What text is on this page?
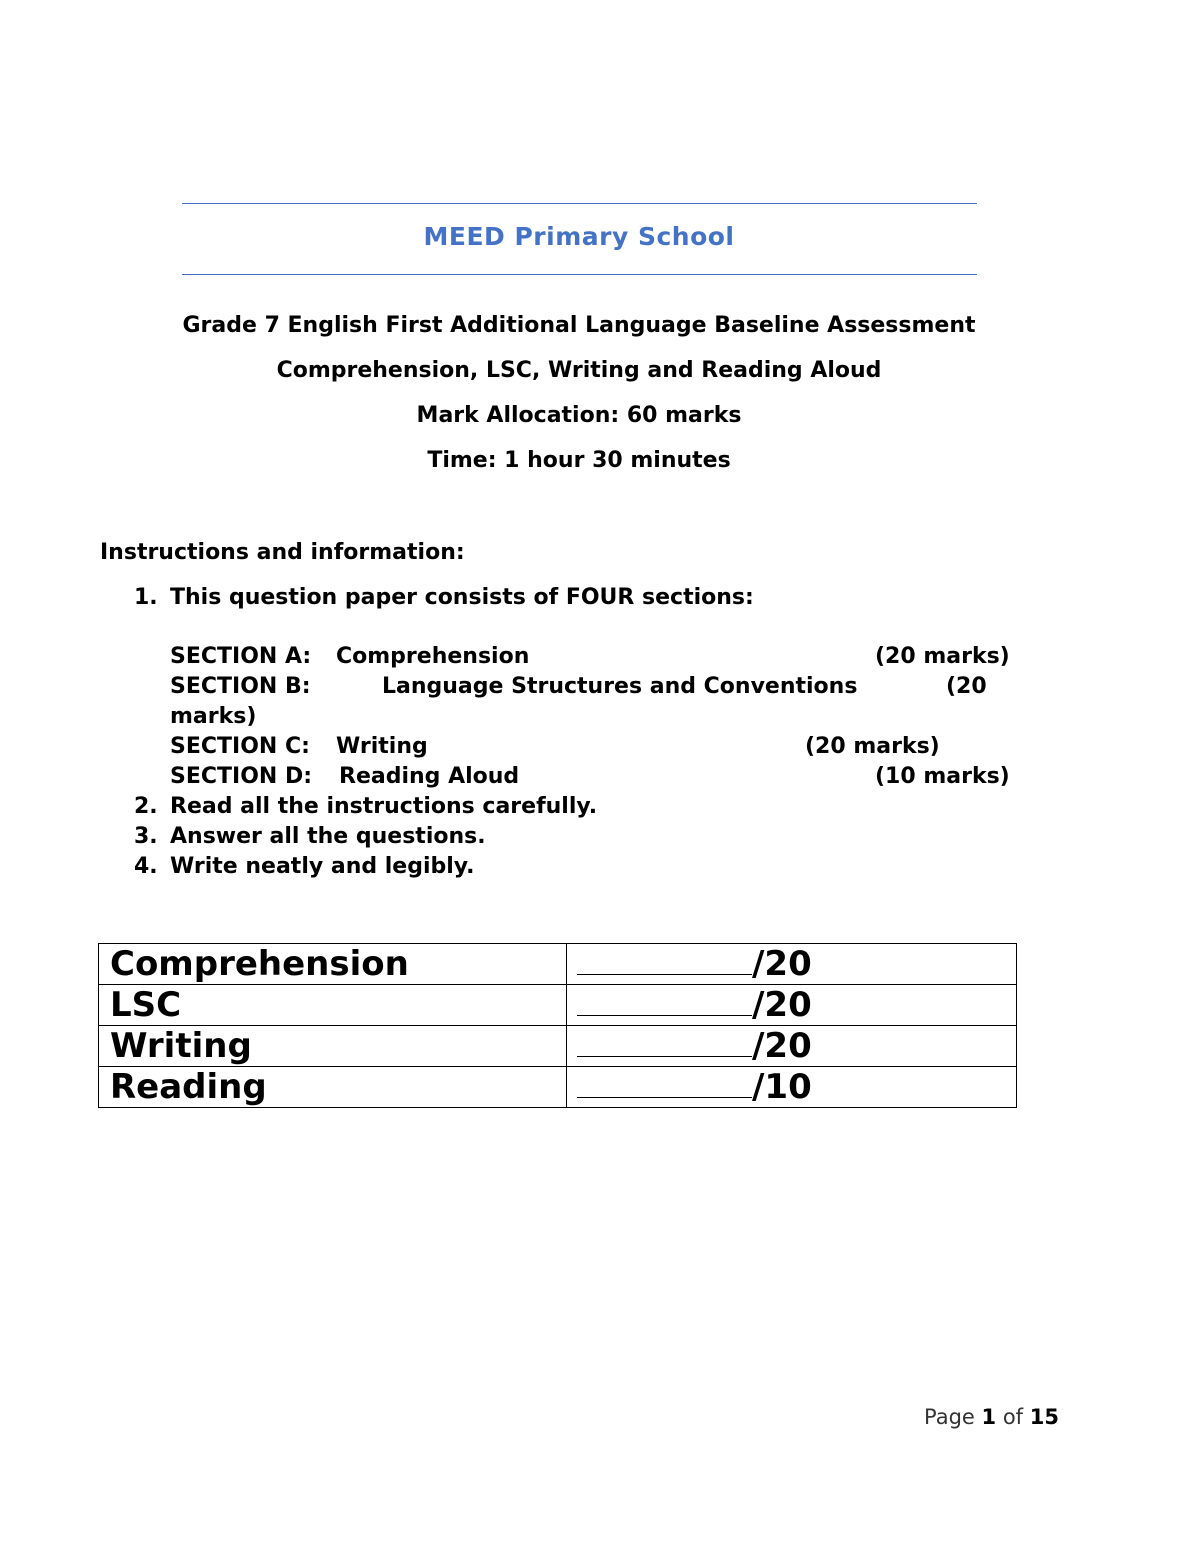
MEED Primary School
Grade 7 English First Additional Language Baseline Assessment
Comprehension, LSC, Writing and Reading Aloud
Mark Allocation: 60 marks
Time: 1 hour 30 minutes
Instructions and information:
1. This question paper consists of FOUR sections:
SECTION A: Comprehension	(20 marks)
SECTION B:	Language Structures and Conventions	(20
marks)
SECTION C: Writing	(20 marks)
SECTION D: Reading Aloud	(10 marks)
2. Read all the instructions carefully.
3. Answer all the questions.
4. Write neatly and legibly.
Comprehension	/20
LSC	/20
Writing	/20
Reading	/10
Page 1 of 15
